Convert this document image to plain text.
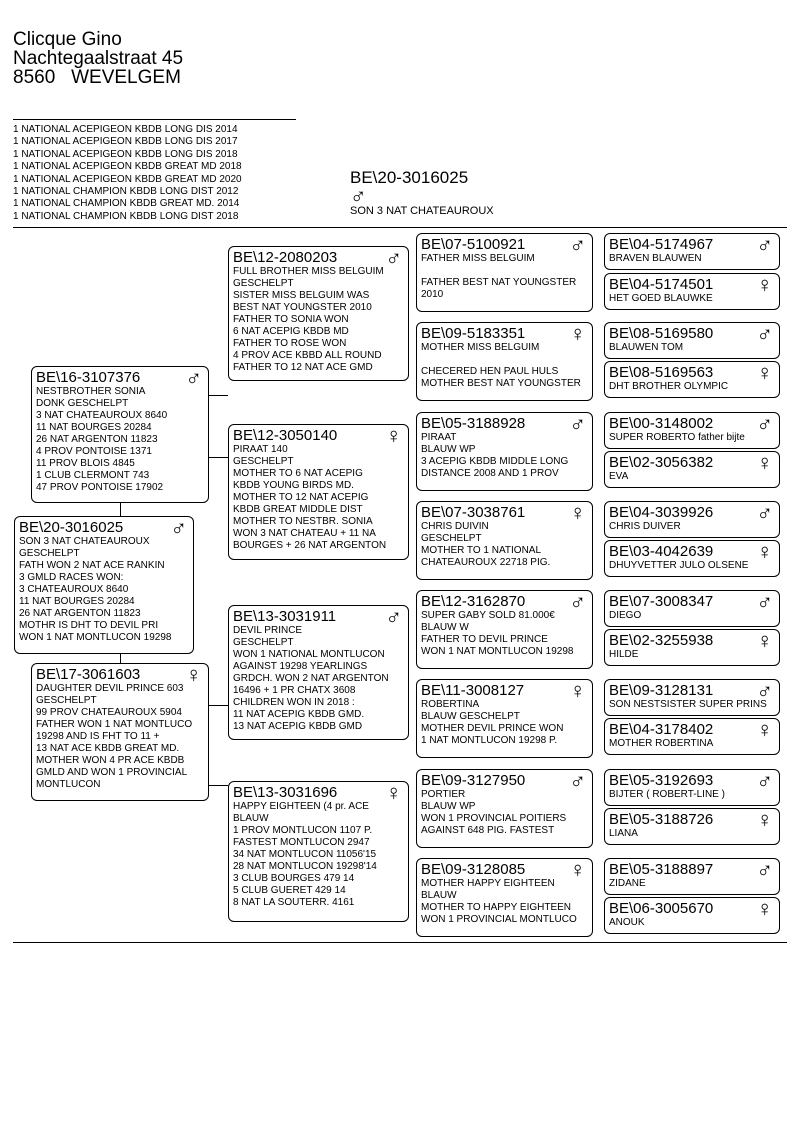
Clicque Gino
Nachtegaalstraat 45
8560   WEVELGEM
1 NATIONAL ACEPIGEON KBDB LONG DIS 2014
1 NATIONAL ACEPIGEON KBDB LONG DIS 2017
1 NATIONAL ACEPIGEON KBDB LONG DIS 2018
1 NATIONAL ACEPIGEON KBDB GREAT MD 2018
1 NATIONAL ACEPIGEON KBDB GREAT MD 2020
1 NATIONAL CHAMPION KBDB LONG DIST 2012
1 NATIONAL CHAMPION KBDB GREAT MD. 2014
1 NATIONAL CHAMPION KBDB LONG DIST 2018
BE\20-3016025
♂
SON 3 NAT CHATEAUROUX
BE\20-3016025	♂
SON 3 NAT CHATEAUROUX
GESCHELPT
FATH WON 2 NAT ACE RANKIN
3 GMLD RACES WON:
3 CHATEAUROUX 8640
11 NAT BOURGES 20284
26 NAT ARGENTON 11823
MOTHR IS DHT TO DEVIL PRI
WON 1 NAT MONTLUCON 19298
BE\16-3107376	♂
NESTBROTHER SONIA
DONK GESCHELPT
3 NAT CHATEAUROUX 8640
11 NAT BOURGES 20284
26 NAT ARGENTON 11823
4 PROV PONTOISE 1371
11 PROV BLOIS 4845
1 CLUB CLERMONT 743
47 PROV PONTOISE 17902
BE\17-3061603	♀
DAUGHTER DEVIL PRINCE 603
GESCHELPT
99 PROV CHATEAUROUX 5904
FATHER WON 1 NAT MONTLUCO
19298 AND IS FHT TO 11 +
13 NAT ACE KBDB GREAT MD.
MOTHER WON 4 PR ACE KBDB
GMLD AND WON 1 PROVINCIAL
MONTLUCON
BE\12-2080203	♂
FULL BROTHER MISS BELGUIM
GESCHELPT
SISTER MISS BELGUIM WAS
BEST NAT YOUNGSTER 2010
FATHER TO SONIA WON
6 NAT ACEPIG KBDB MD
FATHER TO ROSE WON
4 PROV ACE KBBD ALL ROUND
FATHER TO 12 NAT ACE GMD
BE\12-3050140	♀
PIRAAT 140
GESCHELPT
MOTHER TO 6 NAT ACEPIG
KBDB YOUNG BIRDS MD.
MOTHER TO 12 NAT ACEPIG
KBDB GREAT MIDDLE DIST
MOTHER TO NESTBR. SONIA
WON 3 NAT CHATEAU + 11 NA
BOURGES + 26 NAT ARGENTON
BE\13-3031911	♂
DEVIL PRINCE
GESCHELPT
WON 1 NATIONAL MONTLUCON
AGAINST 19298 YEARLINGS
GRDCH. WON 2 NAT ARGENTON
16496 + 1 PR CHATX 3608
CHILDREN WON IN 2018 :
11 NAT ACEPIG KBDB GMD.
13 NAT ACEPIG KBDB GMD
BE\13-3031696	♀
HAPPY EIGHTEEN (4 pr. ACE
BLAUW
1 PROV MONTLUCON 1107 P.
FASTEST MONTLUCON 2947
34 NAT MONTLUCON 11056'15
28 NAT MONTLUCON 19298'14
3 CLUB BOURGES 479 14
5 CLUB GUERET 429 14
8 NAT LA SOUTERR. 4161
BE\07-5100921	♂
FATHER MISS BELGUIM

FATHER BEST NAT YOUNGSTER
2010
BE\09-5183351	♀
MOTHER MISS BELGUIM

CHECERED HEN PAUL HULS
MOTHER BEST NAT YOUNGSTER
BE\05-3188928	♂
PIRAAT
BLAUW WP
3 ACEPIG KBDB MIDDLE LONG
DISTANCE 2008 AND 1 PROV
BE\07-3038761	♀
CHRIS DUIVIN
GESCHELPT
MOTHER TO 1 NATIONAL
CHATEAUROUX 22718 PIG.
BE\12-3162870	♂
SUPER GABY SOLD 81.000€
BLAUW W
FATHER TO DEVIL PRINCE
WON 1 NAT MONTLUCON 19298
BE\11-3008127	♀
ROBERTINA
BLAUW GESCHELPT
MOTHER DEVIL PRINCE WON
1 NAT MONTLUCON 19298 P.
BE\09-3127950	♂
PORTIER
BLAUW WP
WON 1 PROVINCIAL POITIERS
AGAINST 648 PIG. FASTEST
BE\09-3128085	♀
MOTHER HAPPY EIGHTEEN
BLAUW
MOTHER TO HAPPY EIGHTEEN
WON 1 PROVINCIAL MONTLUCO
BE\04-5174967	♂
BRAVEN BLAUWEN
BE\04-5174501	♀
HET GOED BLAUWKE
BE\08-5169580	♂
BLAUWEN TOM
BE\08-5169563	♀
DHT BROTHER OLYMPIC
BE\00-3148002	♂
SUPER ROBERTO father bijte
BE\02-3056382	♀
EVA
BE\04-3039926	♂
CHRIS DUIVER
BE\03-4042639	♀
DHUYVETTER JULO OLSENE
BE\07-3008347	♂
DIEGO
BE\02-3255938	♀
HILDE
BE\09-3128131	♂
SON NESTSISTER SUPER PRINS
BE\04-3178402	♀
MOTHER ROBERTINA
BE\05-3192693	♂
BIJTER ( ROBERT-LINE )
BE\05-3188726	♀
LIANA
BE\05-3188897	♂
ZIDANE
BE\06-3005670	♀
ANOUK
